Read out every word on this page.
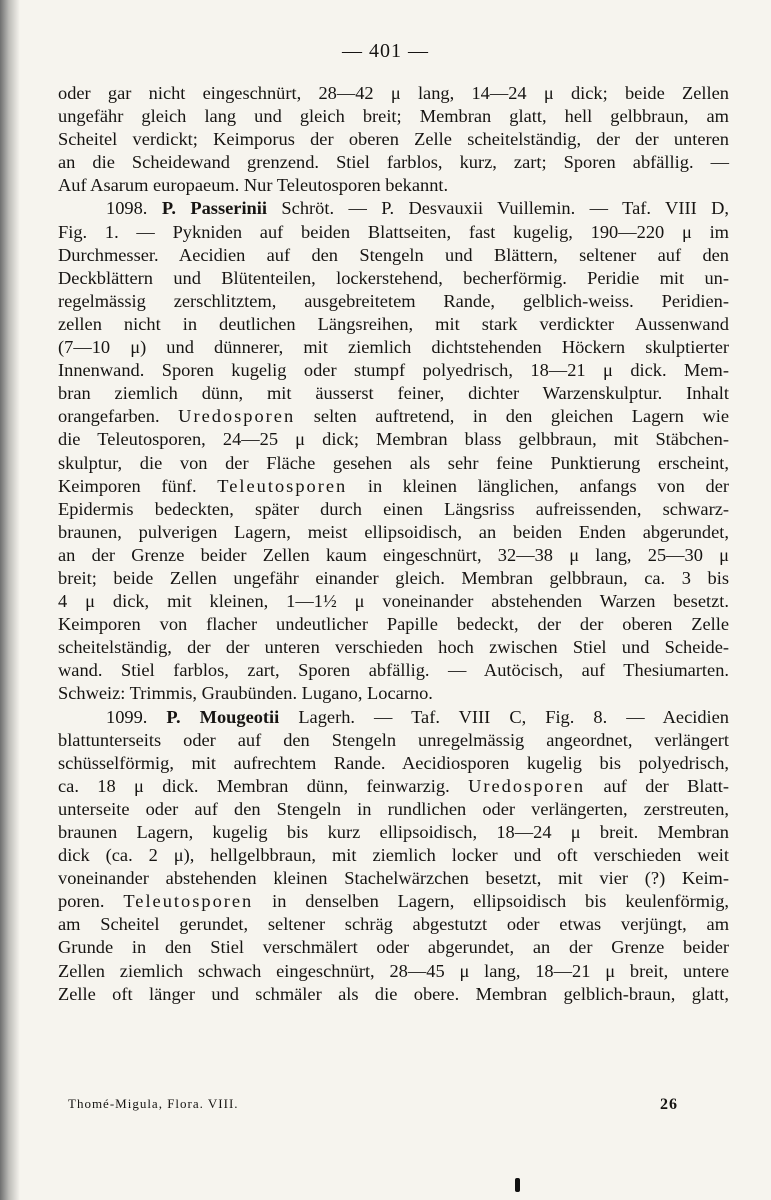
— 401 —
oder gar nicht eingeschnürt, 28—42 μ lang, 14—24 μ dick; beide Zellen
ungefähr gleich lang und gleich breit; Membran glatt, hell gelbbraun, am
Scheitel verdickt; Keimporus der oberen Zelle scheitelständig, der der unteren
an die Scheidewand grenzend. Stiel farblos, kurz, zart; Sporen abfällig. —
Auf Asarum europaeum. Nur Teleutosporen bekannt.
1098. P. Passerinii Schröt. — P. Desvauxii Vuillemin. — Taf. VIII D,
Fig. 1. — Pykniden auf beiden Blattseiten, fast kugelig, 190—220 μ im
Durchmesser. Aecidien auf den Stengeln und Blättern, seltener auf den
Deckblättern und Blütenteilen, lockerstehend, becherförmig. Peridie mit un-
regelmässig zerschlitztem, ausgebreitetem Rande, gelblich-weiss. Peridien-
zellen nicht in deutlichen Längsreihen, mit stark verdickter Aussenwand
(7—10 μ) und dünnerer, mit ziemlich dichtstehenden Höckern skulptierter
Innenwand. Sporen kugelig oder stumpf polyedrisch, 18—21 μ dick. Mem-
bran ziemlich dünn, mit äusserst feiner, dichter Warzenskulptur. Inhalt
orangefarben. Uredosporen selten auftretend, in den gleichen Lagern wie
die Teleutosporen, 24—25 μ dick; Membran blass gelbbraun, mit Stäbchen-
skulptur, die von der Fläche gesehen als sehr feine Punktierung erscheint,
Keimporen fünf. Teleutosporen in kleinen länglichen, anfangs von der
Epidermis bedeckten, später durch einen Längsriss aufreissenden, schwarz-
braunen, pulverigen Lagern, meist ellipsoidisch, an beiden Enden abgerundet,
an der Grenze beider Zellen kaum eingeschnürt, 32—38 μ lang, 25—30 μ
breit; beide Zellen ungefähr einander gleich. Membran gelbbraun, ca. 3 bis
4 μ dick, mit kleinen, 1—1½ μ voneinander abstehenden Warzen besetzt.
Keimporen von flacher undeutlicher Papille bedeckt, der der oberen Zelle
scheitelständig, der der unteren verschieden hoch zwischen Stiel und Scheide-
wand. Stiel farblos, zart, Sporen abfällig. — Autöcisch, auf Thesiumarten.
Schweiz: Trimmis, Graubünden. Lugano, Locarno.
1099. P. Mougeotii Lagerh. — Taf. VIII C, Fig. 8. — Aecidien
blattunterseits oder auf den Stengeln unregelmässig angeordnet, verlängert
schüsselförmig, mit aufrechtem Rande. Aecidiosporen kugelig bis polyedrisch,
ca. 18 μ dick. Membran dünn, feinwarzig. Uredosporen auf der Blatt-
unterseite oder auf den Stengeln in rundlichen oder verlängerten, zerstreuten,
braunen Lagern, kugelig bis kurz ellipsoidisch, 18—24 μ breit. Membran
dick (ca. 2 μ), hellgelbbraun, mit ziemlich locker und oft verschieden weit
voneinander abstehenden kleinen Stachelwärzchen besetzt, mit vier (?) Keim-
poren. Teleutosporen in denselben Lagern, ellipsoidisch bis keulenförmig,
am Scheitel gerundet, seltener schräg abgestutzt oder etwas verjüngt, am
Grunde in den Stiel verschmälert oder abgerundet, an der Grenze beider
Zellen ziemlich schwach eingeschnürt, 28—45 μ lang, 18—21 μ breit, untere
Zelle oft länger und schmäler als die obere. Membran gelblich-braun, glatt,
Thomé-Migula, Flora. VIII.	26
